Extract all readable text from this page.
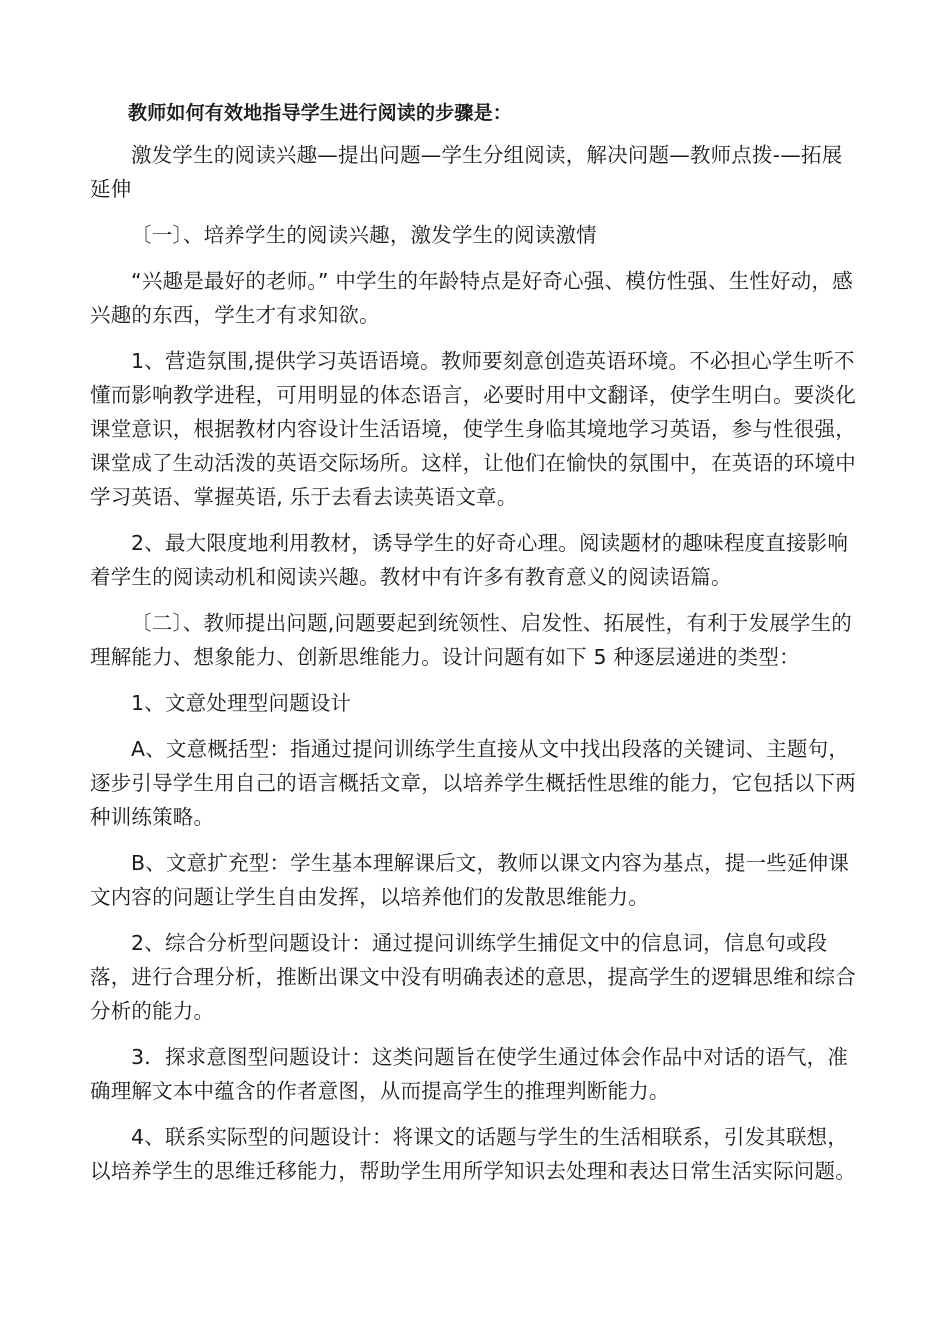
教师如何有效地指导学生进行阅读的步骤是：

激发学生的阅读兴趣—提出问题—学生分组阅读，解决问题—教师点拨-—拓展延伸

〔一〕、培养学生的阅读兴趣，激发学生的阅读激情

“兴趣是最好的老师。” 中学生的年龄特点是好奇心强、模仿性强、生性好动，感兴趣的东西，学生才有求知欲。

1、营造氛围,提供学习英语语境。教师要刻意创造英语环境。不必担心学生听不懂而影响教学进程，可用明显的体态语言，必要时用中文翻译，使学生明白。要淡化课堂意识，根据教材内容设计生活语境，使学生身临其境地学习英语，参与性很强，课堂成了生动活泼的英语交际场所。这样，让他们在愉快的氛围中，在英语的环境中学习英语、掌握英语, 乐于去看去读英语文章。

2、最大限度地利用教材，诱导学生的好奇心理。阅读题材的趣味程度直接影响着学生的阅读动机和阅读兴趣。教材中有许多有教育意义的阅读语篇。

〔二〕、教师提出问题,问题要起到统领性、启发性、拓展性，有利于发展学生的理解能力、想象能力、创新思维能力。设计问题有如下 5 种逐层递进的类型：

1、文意处理型问题设计

A、文意概括型：指通过提问训练学生直接从文中找出段落的关键词、主题句，逐步引导学生用自己的语言概括文章，以培养学生概括性思维的能力，它包括以下两种训练策略。

B、文意扩充型：学生基本理解课后文，教师以课文内容为基点，提一些延伸课文内容的问题让学生自由发挥，以培养他们的发散思维能力。

2、综合分析型问题设计：通过提问训练学生捕促文中的信息词，信息句或段落，进行合理分析，推断出课文中没有明确表述的意思，提高学生的逻辑思维和综合分析的能力。

3．探求意图型问题设计：这类问题旨在使学生通过体会作品中对话的语气，准确理解文本中蕴含的作者意图，从而提高学生的推理判断能力。

4、联系实际型的问题设计：将课文的话题与学生的生活相联系，引发其联想，以培养学生的思维迁移能力，帮助学生用所学知识去处理和表达日常生活实际问题。
